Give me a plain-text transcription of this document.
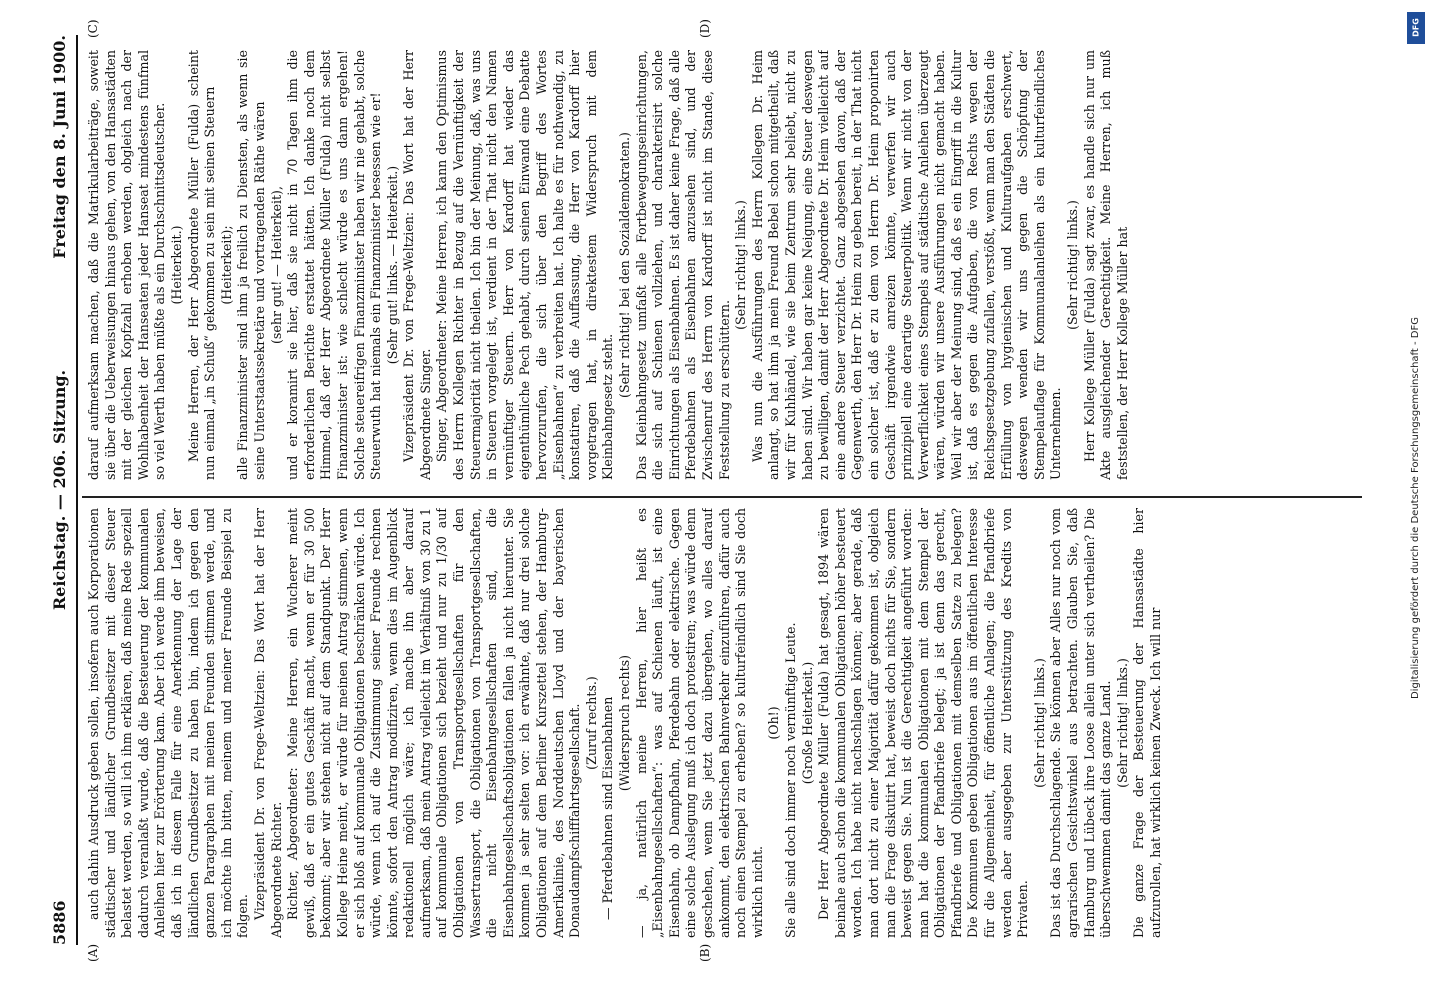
5886
Reichstag. — 206. Sitzung.
Freitag den 8. Juni 1900.
(A)	(B)
(C)	(D)

auch dahin Ausdruck geben sollen, insofern auch Korporationen städtischer und ländlicher Grundbesitzer mit dieser Steuer belastet werden, so will ich ihm erklären, daß meine Rede speziell dadurch veranlaßt wurde, daß die Besteuerung der kommunalen Anleihen hier zur Erörterung kam. Aber ich werde ihm beweisen, daß ich in diesem Falle für eine Anerkennung der Lage der ländlichen Grundbesitzer zu haben bin, indem ich gegen den ganzen Paragraphen mit meinen Freunden stimmen werde, und ich möchte ihn bitten, meinem und meiner Freunde Beispiel zu folgen. Vizepräsident Dr. von Frege-Weltzien: Das Wort hat der Herr Abgeordnete Richter. Richter, Abgeordneter: Meine Herren, ein Wucherer meint gewiß, daß er ein gutes Geschäft macht, wenn er für 30 500 bekommt; aber wir stehen nicht auf dem Standpunkt. Der Herr Kollege Heine meint, er würde für meinen Antrag stimmen, wenn er sich bloß auf kommunale Obligationen beschränken würde. Ich würde, wenn ich auf die Zustimmung seiner Freunde rechnen könnte, sofort den Antrag modifiziren, wenn dies im Augenblick redaktionell möglich wäre; ich mache ihn aber darauf aufmerksam, daß mein Antrag vielleicht im Verhältniß von 30 zu 1 auf kommunale Obligationen sich bezieht und nur zu 1/30 auf Obligationen von Transportgesellschaften für den Wassertransport, die Obligationen von Transportgesellschaften, die nicht Eisenbahngesellschaften sind, die Eisenbahngesellschaftsobligationen fallen ja nicht hierunter. Sie kommen ja sehr selten vor: ich erwähnte, daß nur drei solche Obligationen auf dem Berliner Kurszettel stehen, der Hamburg-Amerikalinie, des Norddeutschen Lloyd und der bayerischen Donaudampfschifffahrtsgesellschaft. (Zuruf rechts.) — Pferdebahnen sind Eisenbahnen (Widerspruch rechts) — ja, natürlich meine Herren, hier heißt es „Eisenbahngesellschaften“: was auf Schienen läuft, ist eine Eisenbahn, ob Dampfbahn, Pferdebahn oder elektrische. Gegen eine solche Auslegung muß ich doch protestiren; was würde denn geschehen, wenn Sie jetzt dazu übergehen, wo alles darauf ankommt, den elektrischen Bahnverkehr einzuführen, dafür auch noch einen Stempel zu erheben? so kulturfeindlich sind Sie doch wirklich nicht.

(Oh!) Sie alle sind doch immer noch vernünftige Leute. (Große Heiterkeit.) Der Herr Abgeordnete Müller (Fulda) hat gesagt, 1894 wären beinahe auch schon die kommunalen Obligationen höher besteuert worden. Ich habe nicht nachschlagen können; aber gerade, daß man dort nicht zu einer Majorität dafür gekommen ist, obgleich man die Frage diskutirt hat, beweist doch nichts für Sie, sondern beweist gegen Sie. Nun ist die Gerechtigkeit angeführt worden: man hat die kommunalen Obligationen mit dem Stempel der Obligationen der Pfandbriefe belegt; ja ist denn das gerecht, Pfandbriefe und Obligationen mit demselben Satze zu belegen? Die Kommunen geben Obligationen aus im öffentlichen Interesse für die Allgemeinheit, für öffentliche Anlagen; die Pfandbriefe werden aber ausgegeben zur Unterstützung des Kredits von Privaten.

(Sehr richtig! links.) Das ist das Durchschlagende. Sie können aber Alles nur noch vom agrarischen Gesichtswinkel aus betrachten. Glauben Sie, daß Hamburg und Lübeck ihre Loose allein unter sich vertheilen? Die überschwemmen damit das ganze Land. (Sehr richtig! links.) Die ganze Frage der Besteuerung der Hansastädte hier aufzurollen, hat wirklich keinen Zweck. Ich will nur

darauf aufmerksam machen, daß die Matrikularbeiträge, soweit sie über die Ueberweisungen hinaus gehen, von den Hansastädten mit der gleichen Kopfzahl erhoben werden, obgleich nach der Wohlhabenheit der Hanseaten jeder Hanseat mindestens fünfmal so viel Werth haben müßte als ein Durchschnittsdeutscher. (Heiterkeit.) Meine Herren, der Herr Abgeordnete Müller (Fulda) scheint nun einmal „in Schuß“ gekommen zu sein mit seinen Steuern (Heiterkeit); alle Finanzminister sind ihm ja freilich zu Diensten, als wenn sie seine Unterstaatssekretäre und vortragenden Räthe wären (sehr gut! — Heiterkeit), und er koramirt sie hier, daß sie nicht in 70 Tagen ihm die erforderlichen Berichte erstattet hätten. Ich danke noch dem Himmel, daß der Herr Abgeordnete Müller (Fulda) nicht selbst Finanzminister ist: wie schlecht würde es uns dann ergehen! Solche steuereifrigen Finanzminister haben wir nie gehabt, solche Steuerwuth hat niemals ein Finanzminister besessen wie er! (Sehr gut! links. — Heiterkeit.) Vizepräsident Dr. von Frege-Weltzien: Das Wort hat der Herr Abgeordnete Singer. Singer, Abgeordneter: Meine Herren, ich kann den Optimismus des Herrn Kollegen Richter in Bezug auf die Vernünftigkeit der Steuermajorität nicht theilen. Ich bin der Meinung, daß, was uns in Steuern vorgelegt ist, verdient in der That nicht den Namen vernünftiger Steuern. Herr von Kardorff hat wieder das eigenthümliche Pech gehabt, durch seinen Einwand eine Debatte hervorzurufen, die sich über den Begriff des Wortes „Eisenbahnen“ zu verbreiten hat. Ich halte es für nothwendig, zu konstatiren, daß die Auffassung, die Herr von Kardorff hier vorgetragen hat, in direktestem Widerspruch mit dem Kleinbahngesetz steht.

(Sehr richtig! bei den Sozialdemokraten.) Das Kleinbahngesetz umfaßt alle Fortbewegungseinrichtungen, die sich auf Schienen vollziehen, und charakterisirt solche Einrichtungen als Eisenbahnen. Es ist daher keine Frage, daß alle Pferdebahnen als Eisenbahnen anzusehen sind, und der Zwischenruf des Herrn von Kardorff ist nicht im Stande, diese Feststellung zu erschüttern.

(Sehr richtig! links.) Was nun die Ausführungen des Herrn Kollegen Dr. Heim anlangt, so hat ihm ja mein Freund Bebel schon mitgetheilt, daß wir für Kuhhändel, wie sie beim Zentrum sehr beliebt, nicht zu haben sind. Wir haben gar keine Neigung, eine Steuer deswegen zu bewilligen, damit der Herr Abgeordnete Dr. Heim vielleicht auf eine andere Steuer verzichtet. Ganz abgesehen davon, daß der Gegenwerth, den Herr Dr. Heim zu geben bereit, in der That nicht ein solcher ist, daß er zu dem von Herrn Dr. Heim proponirten Geschäft irgendwie anreizen könnte, verwerfen wir auch prinzipiell eine derartige Steuerpolitik. Wenn wir nicht von der Verwerflichkeit eines Stempels auf städtische Anleihen überzeugt wären, würden wir unsere Ausführungen nicht gemacht haben. Weil wir aber der Meinung sind, daß es ein Eingriff in die Kultur ist, daß es gegen die Aufgaben, die von Rechts wegen der Reichsgesetzgebung zufallen, verstößt, wenn man den Städten die Erfüllung von hygienischen und Kulturaufgaben erschwert, deswegen wenden wir uns gegen die Schöpfung der Stempelauflage für Kommunalanleihen als ein kulturfeindliches Unternehmen.

(Sehr richtig! links.) Herr Kollege Müller (Fulda) sagt zwar, es handle sich nur um Akte ausgleichender Gerechtigkeit. Meine Herren, ich muß feststellen, der Herr Kollege Müller hat

DFG
Digitalisierung gefördert durch die Deutsche Forschungsgemeinschaft - DFG
